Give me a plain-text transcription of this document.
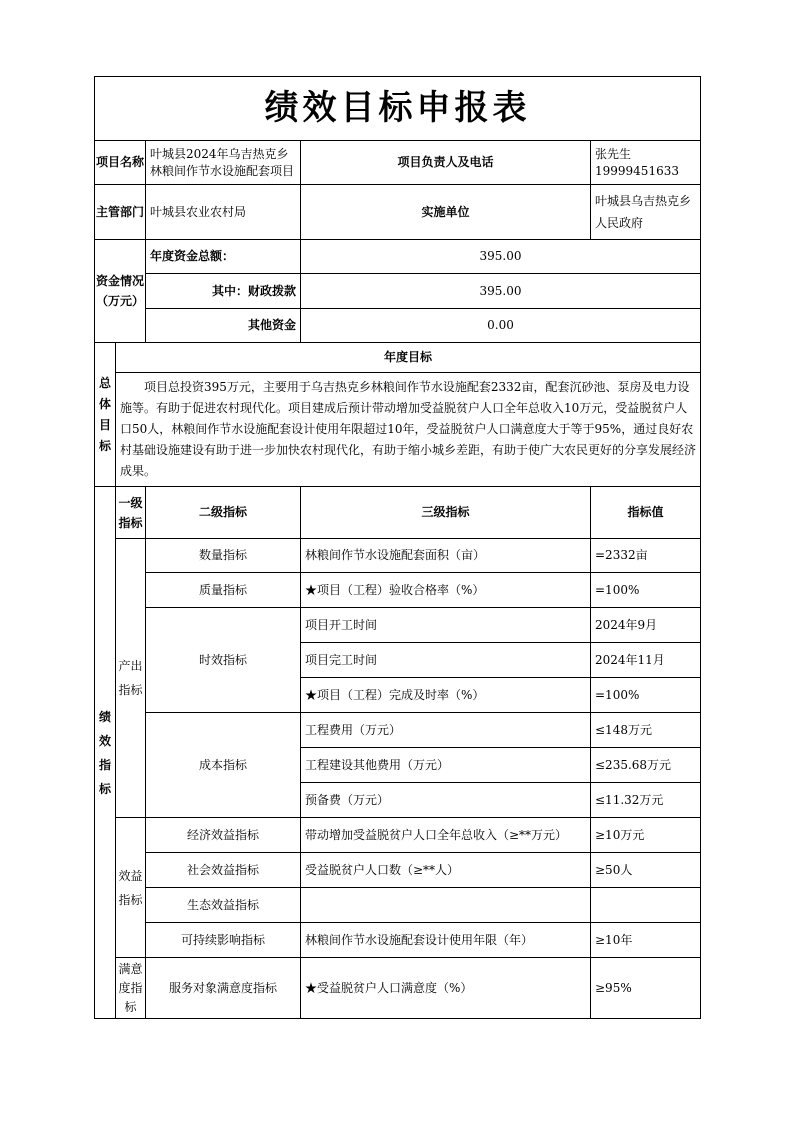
绩效目标申报表				
项目名称		叶城县2024年乌吉热克乡林粮间作节水设施配套项目	项目负责人及电话	张先生 19999451633
主管部门		叶城县农业农村局	实施单位	叶城县乌吉热克乡人民政府

资金情况
（万元）		年度资金总额：	395.00	
		其中：财政拨款	395.00	
		其他资金	0.00	

总体目标	年度目标			
	项目总投资395万元，主要用于乌吉热克乡林粮间作节水设施配套2332亩，配套沉砂池、泵房及电力设施等。有助于促进农村现代化。项目建成后预计带动增加受益脱贫户人口全年总收入10万元，受益脱贫户人口50人，林粮间作节水设施配套设计使用年限超过10年，受益脱贫户人口满意度大于等于95%，通过良好农村基础设施建设有助于进一步加快农村现代化，有助于缩小城乡差距，有助于使广大农民更好的分享发展经济成果。			

绩效指标	一级指标	二级指标	三级指标	指标值

	产出指标	数量指标	林粮间作节水设施配套面积（亩）	=2332亩
		质量指标	★项目（工程）验收合格率（%）	=100%
		时效指标	项目开工时间	2024年9月
			项目完工时间	2024年11月
			★项目（工程）完成及时率（%）	=100%
		成本指标	工程费用（万元）	≤148万元
			工程建设其他费用（万元）	≤235.68万元
			预备费（万元）	≤11.32万元

	效益指标	经济效益指标	带动增加受益脱贫户人口全年总收入（≥**万元）	≥10万元
		社会效益指标	受益脱贫户人口数（≥**人）	≥50人
		生态效益指标		
		可持续影响指标	林粮间作节水设施配套设计使用年限（年）	≥10年

	满意度指标	服务对象满意度指标	★受益脱贫户人口满意度（%）	≥95%
